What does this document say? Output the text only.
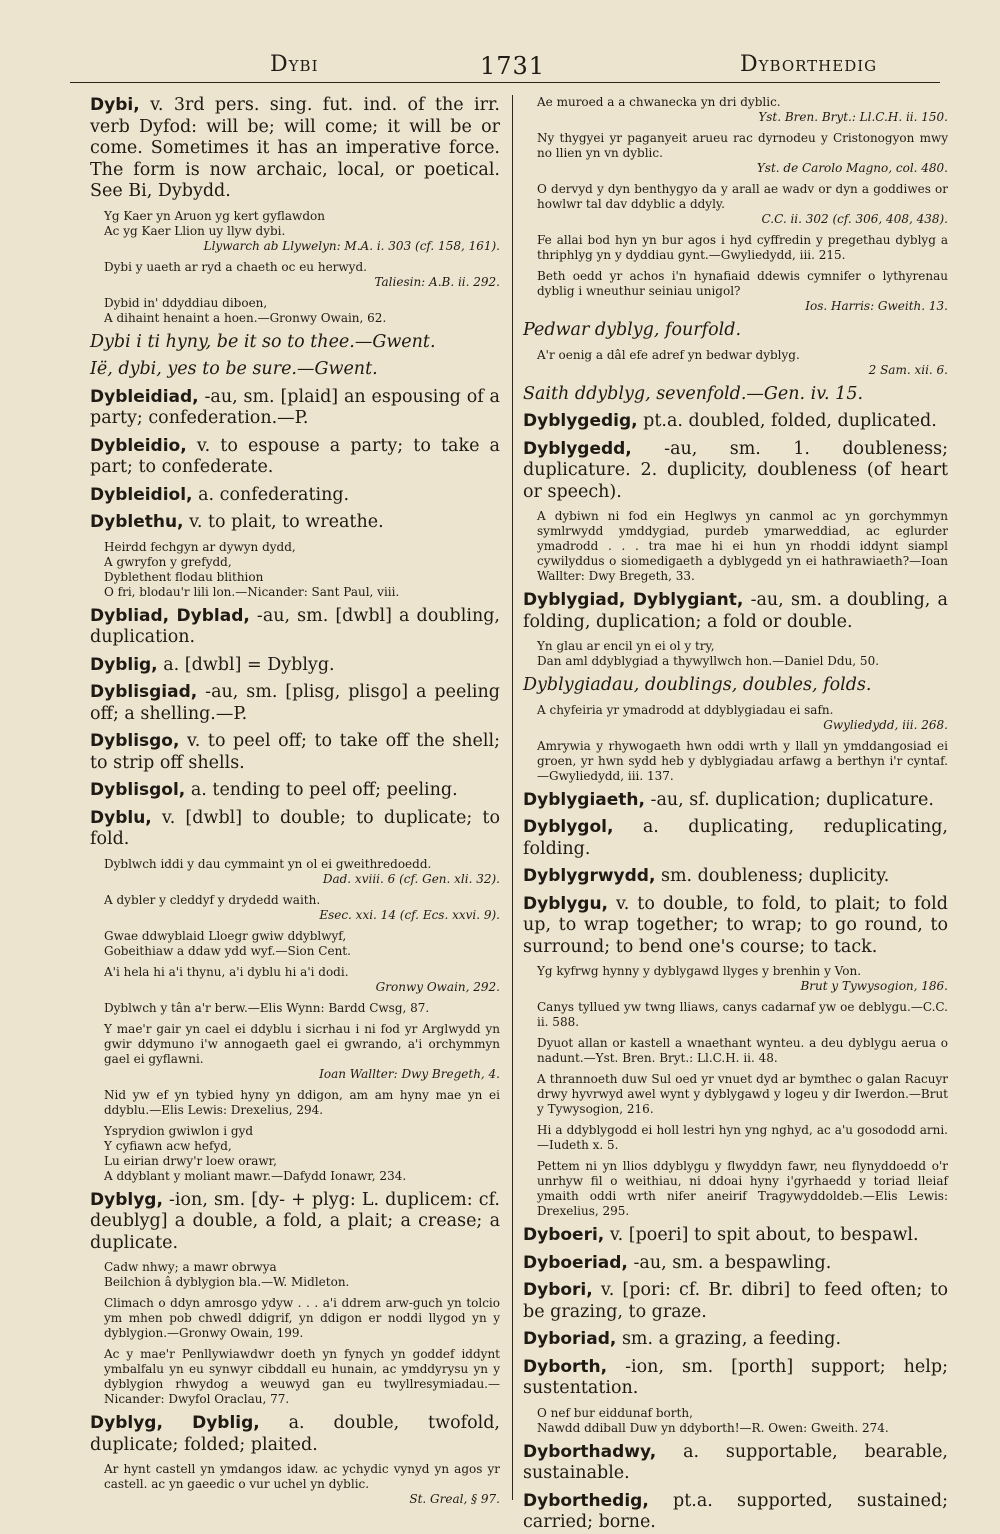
Dybi	1731	Dyborthedig

Dybi, v. 3rd pers. sing. fut. ind. of the irr. verb Dyfod: will be; will come; it will be or come. Sometimes it has an imperative force. The form is now archaic, local, or poetical. See Bi, Dybydd.

Yg Kaer yn Aruon yg kert gyflawdon
Ac yg Kaer Llion uy llyw dybi.
Llywarch ab Llywelyn: M.A. i. 303 (cf. 158, 161).
Dybi y uaeth ar ryd a chaeth oc eu herwyd.
Taliesin: A.B. ii. 292.
Dybid in' ddyddiau diboen,
A dihaint henaint a hoen.—Gronwy Owain, 62.

Dybi i ti hyny, be it so to thee.—Gwent.

Ië, dybi, yes to be sure.—Gwent.

Dybleidiad, -au, sm. [plaid] an espousing of a party; confederation.—P.

Dybleidio, v. to espouse a party; to take a part; to confederate.

Dybleidiol, a. confederating.

Dyblethu, v. to plait, to wreathe.

Heirdd fechgyn ar dywyn dydd,
A gwryfon y grefydd,
Dyblethent flodau blithion
O fri, blodau'r lili lon.—Nicander: Sant Paul, viii.

Dybliad, Dyblad, -au, sm. [dwbl] a doubling, duplication.

Dyblig, a. [dwbl] = Dyblyg.

Dyblisgiad, -au, sm. [plisg, plisgo] a peeling off; a shelling.—P.

Dyblisgo, v. to peel off; to take off the shell; to strip off shells.

Dyblisgol, a. tending to peel off; peeling.

Dyblu, v. [dwbl] to double; to duplicate; to fold.

Dyblwch iddi y dau cymmaint yn ol ei gweithredoedd.
Dad. xviii. 6 (cf. Gen. xli. 32).
A dybler y cleddyf y drydedd waith.
Esec. xxi. 14 (cf. Ecs. xxvi. 9).
Gwae ddwyblaid Lloegr gwiw ddyblwyf,
Gobeithiaw a ddaw ydd wyf.—Sion Cent.
A'i hela hi a'i thynu, a'i dyblu hi a'i dodi.
Gronwy Owain, 292.
Dyblwch y tân a'r berw.—Elis Wynn: Bardd Cwsg, 87.
Y mae'r gair yn cael ei ddyblu i sicrhau i ni fod yr Arglwydd yn gwir ddymuno i'w annogaeth gael ei gwrando, a'i orchymmyn gael ei gyflawni.
Ioan Wallter: Dwy Bregeth, 4.
Nid yw ef yn tybied hyny yn ddigon, am am hyny mae yn ei ddyblu.—Elis Lewis: Drexelius, 294.
Ysprydion gwiwlon i gyd
Y cyfiawn acw hefyd,
Lu eirian drwy'r loew orawr,
A ddyblant y moliant mawr.—Dafydd Ionawr, 234.

Dyblyg, -ion, sm. [dy- + plyg: L. duplicem: cf. deublyg] a double, a fold, a plait; a crease; a duplicate.

Cadw nhwy; a mawr obrwya
Beilchion â dyblygion bla.—W. Midleton.
Climach o ddyn amrosgo ydyw . . . a'i ddrem arw-guch yn tolcio ym mhen pob chwedl ddigrif, yn ddigon er noddi llygod yn y dyblygion.—Gronwy Owain, 199.
Ac y mae'r Penllywiawdwr doeth yn fynych yn goddef iddynt ymbalfalu yn eu synwyr cibddall eu hunain, ac ymddyrysu yn y dyblygion rhwydog a weuwyd gan eu twyllresymiadau.—Nicander: Dwyfol Oraclau, 77.

Dyblyg, Dyblig, a. double, twofold, duplicate; folded; plaited.

Ar hynt castell yn ymdangos idaw. ac ychydic vynyd yn agos yr castell. ac yn gaeedic o vur uchel yn dyblic.
St. Greal, § 97.
Ae muroed a a chwanecka yn dri dyblic.
Yst. Bren. Bryt.: Ll.C.H. ii. 150.
Ny thygyei yr paganyeit arueu rac dyrnodeu y Cristonogyon mwy no llien yn vn dyblic.
Yst. de Carolo Magno, col. 480.
O dervyd y dyn benthygyo da y arall ae wadv or dyn a goddiwes or howlwr tal dav ddyblic a ddyly.
C.C. ii. 302 (cf. 306, 408, 438).
Fe allai bod hyn yn bur agos i hyd cyffredin y pregethau dyblyg a thriphlyg yn y dyddiau gynt.—Gwyliedydd, iii. 215.
Beth oedd yr achos i'n hynafiaid ddewis cymnifer o lythyrenau dyblig i wneuthur seiniau unigol?
Ios. Harris: Gweith. 13.

Pedwar dyblyg, fourfold.

A'r oenig a dâl efe adref yn bedwar dyblyg.
2 Sam. xii. 6.

Saith ddyblyg, sevenfold.—Gen. iv. 15.

Dyblygedig, pt.a. doubled, folded, duplicated.

Dyblygedd, -au, sm. 1. doubleness; duplicature. 2. duplicity, doubleness (of heart or speech).

A dybiwn ni fod ein Heglwys yn canmol ac yn gorchymmyn symlrwydd ymddygiad, purdeb ymarweddiad, ac eglurder ymadrodd . . . tra mae hi ei hun yn rhoddi iddynt siampl cywilyddus o siomedigaeth a dyblygedd yn ei hathrawiaeth?—Ioan Wallter: Dwy Bregeth, 33.

Dyblygiad, Dyblygiant, -au, sm. a doubling, a folding, duplication; a fold or double.

Yn glau ar encil yn ei ol y try,
Dan aml ddyblygiad a thywyllwch hon.—Daniel Ddu, 50.

Dyblygiadau, doublings, doubles, folds.

A chyfeiria yr ymadrodd at ddyblygiadau ei safn.
Gwyliedydd, iii. 268.
Amrywia y rhywogaeth hwn oddi wrth y llall yn ymddangosiad ei groen, yr hwn sydd heb y dyblygiadau arfawg a berthyn i'r cyntaf.—Gwyliedydd, iii. 137.

Dyblygiaeth, -au, sf. duplication; duplicature.

Dyblygol, a. duplicating, reduplicating, folding.

Dyblygrwydd, sm. doubleness; duplicity.

Dyblygu, v. to double, to fold, to plait; to fold up, to wrap together; to wrap; to go round, to surround; to bend one's course; to tack.

Yg kyfrwg hynny y dyblygawd llyges y brenhin y Von.
Brut y Tywysogion, 186.
Canys tyllued yw twng lliaws, canys cadarnaf yw oe deblygu.—C.C. ii. 588.
Dyuot allan or kastell a wnaethant wynteu. a deu dyblygu aerua o nadunt.—Yst. Bren. Bryt.: Ll.C.H. ii. 48.
A thrannoeth duw Sul oed yr vnuet dyd ar bymthec o galan Racuyr drwy hyvrwyd awel wynt y dyblygawd y logeu y dir Iwerdon.—Brut y Tywysogion, 216.
Hi a ddyblygodd ei holl lestri hyn yng nghyd, ac a'u gosododd arni.—Iudeth x. 5.
Pettem ni yn llios ddyblygu y flwyddyn fawr, neu flynyddoedd o'r unrhyw fil o weithiau, ni ddoai hyny i'gyrhaedd y toriad lleiaf ymaith oddi wrth nifer aneirif Tragywyddoldeb.—Elis Lewis: Drexelius, 295.

Dyboeri, v. [poeri] to spit about, to bespawl.

Dyboeriad, -au, sm. a bespawling.

Dybori, v. [pori: cf. Br. dibri] to feed often; to be grazing, to graze.

Dyboriad, sm. a grazing, a feeding.

Dyborth, -ion, sm. [porth] support; help; sustentation.

O nef bur eiddunaf borth,
Nawdd ddiball Duw yn ddyborth!—R. Owen: Gweith. 274.

Dyborthadwy, a. supportable, bearable, sustainable.

Dyborthedig, pt.a. supported, sustained; carried; borne.
